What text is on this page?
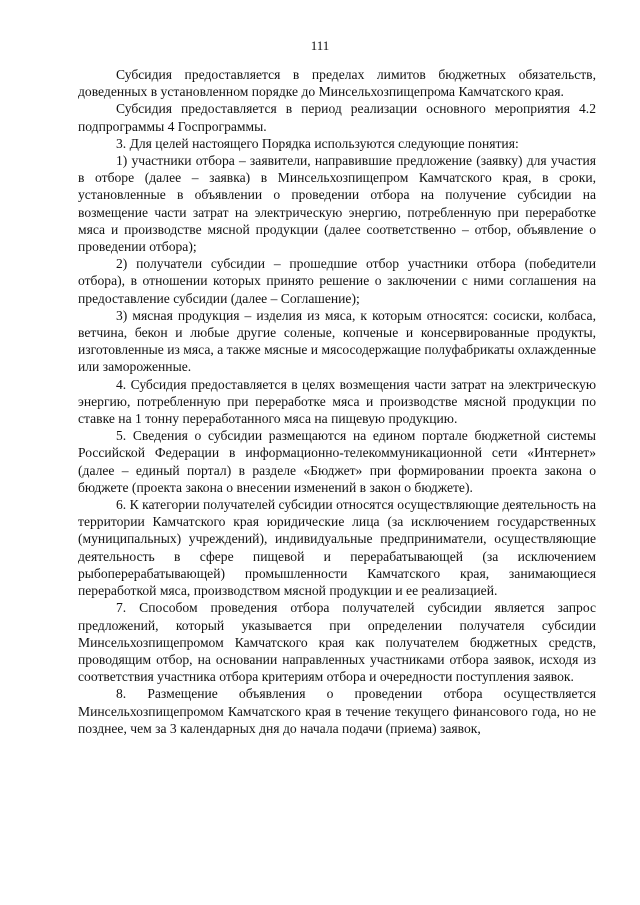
111

Субсидия предоставляется в пределах лимитов бюджетных обязательств, доведенных в установленном порядке до Минсельхозпищепрома Камчатского края.

Субсидия предоставляется в период реализации основного мероприятия 4.2 подпрограммы 4 Госпрограммы.

3. Для целей настоящего Порядка используются следующие понятия:

1) участники отбора – заявители, направившие предложение (заявку) для участия в отборе (далее – заявка) в Минсельхозпищепром Камчатского края, в сроки, установленные в объявлении о проведении отбора на получение субсидии на возмещение части затрат на электрическую энергию, потребленную при переработке мяса и производстве мясной продукции (далее соответственно – отбор, объявление о проведении отбора);

2) получатели субсидии – прошедшие отбор участники отбора (победители отбора), в отношении которых принято решение о заключении с ними соглашения на предоставление субсидии (далее – Соглашение);

3) мясная продукция – изделия из мяса, к которым относятся: сосиски, колбаса, ветчина, бекон и любые другие соленые, копченые и консервированные продукты, изготовленные из мяса, а также мясные и мясосодержащие полуфабрикаты охлажденные или замороженные.

4. Субсидия предоставляется в целях возмещения части затрат на электрическую энергию, потребленную при переработке мяса и производстве мясной продукции по ставке на 1 тонну переработанного мяса на пищевую продукцию.

5. Сведения о субсидии размещаются на едином портале бюджетной системы Российской Федерации в информационно-телекоммуникационной сети «Интернет» (далее – единый портал) в разделе «Бюджет» при формировании проекта закона о бюджете (проекта закона о внесении изменений в закон о бюджете).

6. К категории получателей субсидии относятся осуществляющие деятельность на территории Камчатского края юридические лица (за исключением государственных (муниципальных) учреждений), индивидуальные предприниматели, осуществляющие деятельность в сфере пищевой и перерабатывающей (за исключением рыбоперерабатывающей) промышленности Камчатского края, занимающиеся переработкой мяса, производством мясной продукции и ее реализацией.

7. Способом проведения отбора получателей субсидии является запрос предложений, который указывается при определении получателя субсидии Минсельхозпищепромом Камчатского края как получателем бюджетных средств, проводящим отбор, на основании направленных участниками отбора заявок, исходя из соответствия участника отбора критериям отбора и очередности поступления заявок.

8. Размещение объявления о проведении отбора осуществляется Минсельхозпищепромом Камчатского края в течение текущего финансового года, но не позднее, чем за 3 календарных дня до начала подачи (приема) заявок,
